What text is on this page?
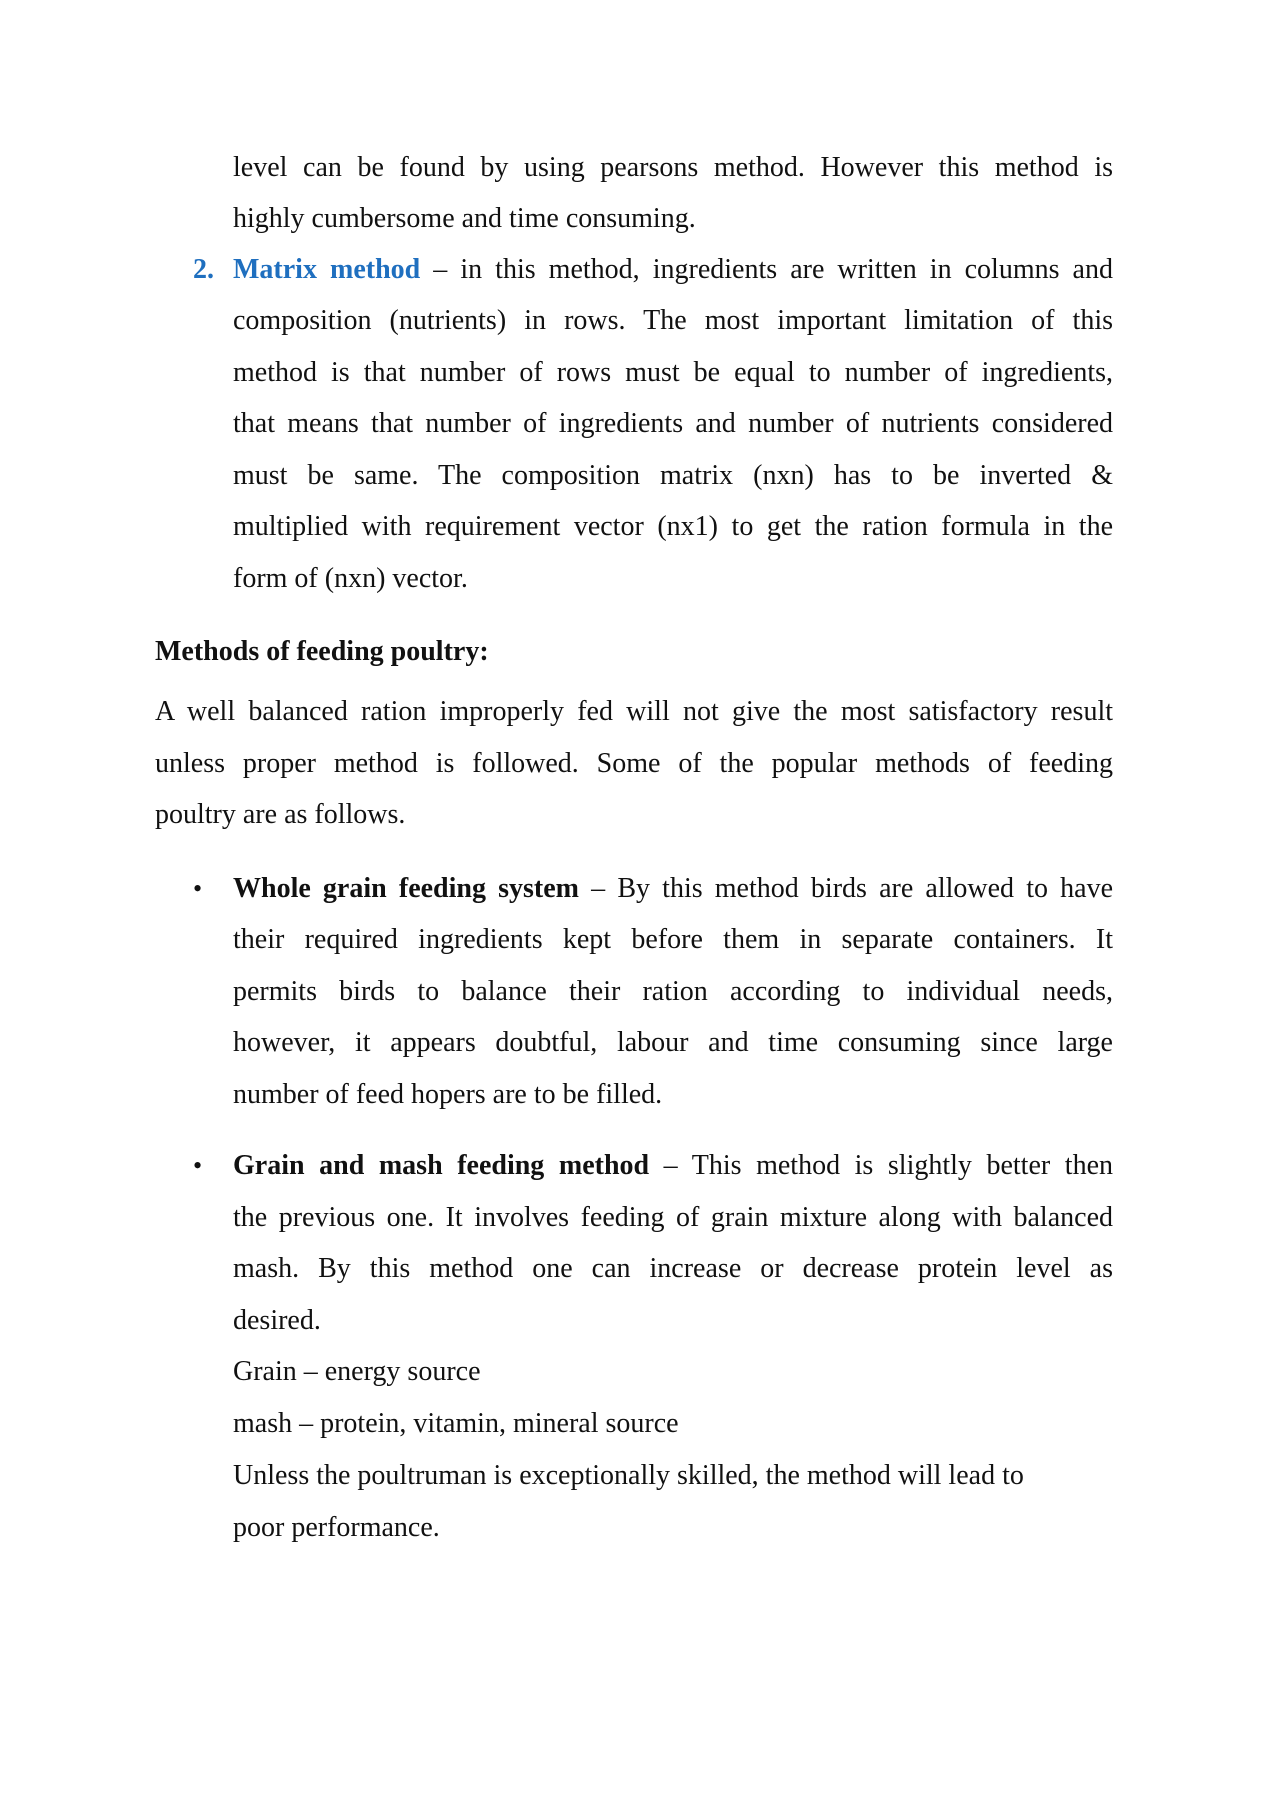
level can be found by using pearsons method. However this method is
highly cumbersome and time consuming.
2. Matrix method – in this method, ingredients are written in columns and
composition (nutrients) in rows. The most important limitation of this
method is that number of rows must be equal to number of ingredients,
that means that number of ingredients and number of nutrients considered
must be same. The composition matrix (nxn) has to be inverted &
multiplied with requirement vector (nx1) to get the ration formula in the
form of (nxn) vector.
Methods of feeding poultry:
A well balanced ration improperly fed will not give the most satisfactory result
unless proper method is followed. Some of the popular methods of feeding
poultry are as follows.
• Whole grain feeding system – By this method birds are allowed to have
their required ingredients kept before them in separate containers. It
permits birds to balance their ration according to individual needs,
however, it appears doubtful, labour and time consuming since large
number of feed hopers are to be filled.
• Grain and mash feeding method – This method is slightly better then
the previous one. It involves feeding of grain mixture along with balanced
mash. By this method one can increase or decrease protein level as
desired.
Grain – energy source
mash – protein, vitamin, mineral source
Unless the poultruman is exceptionally skilled, the method will lead to
poor performance.
